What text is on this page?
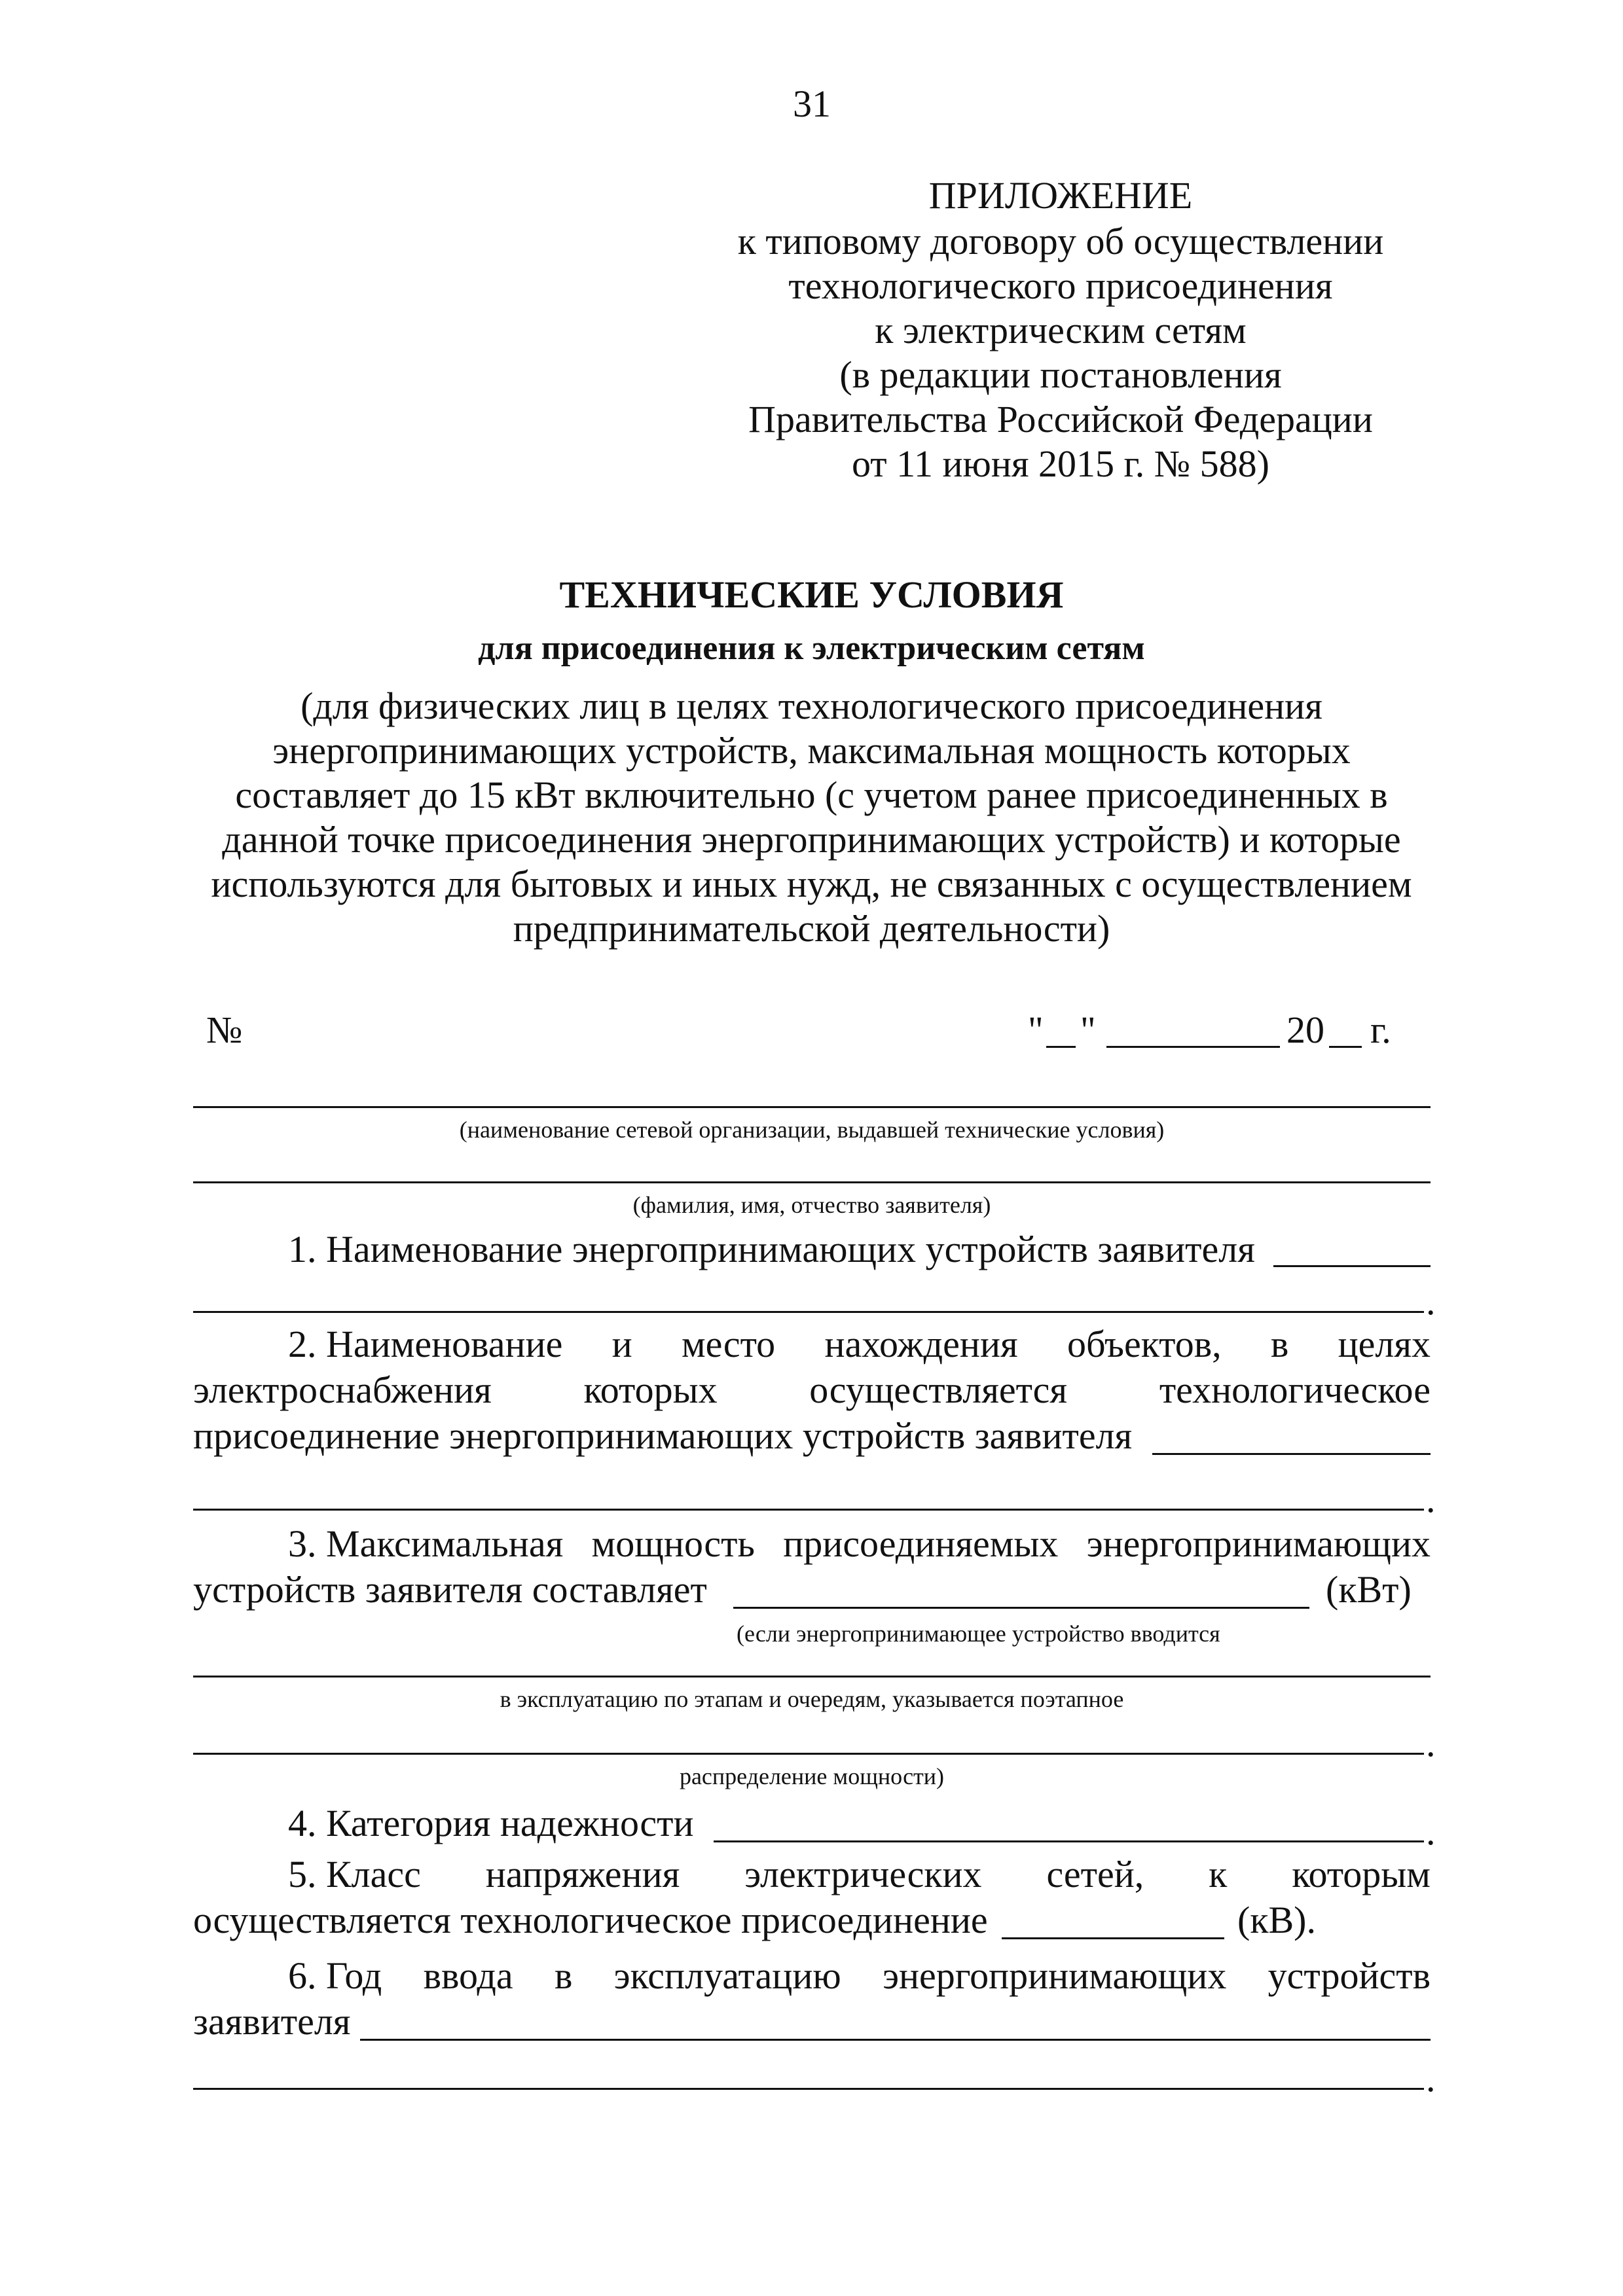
31
ПРИЛОЖЕНИЕ
к типовому договору об осуществлении
технологического присоединения
к электрическим сетям
(в редакции постановления
Правительства Российской Федерации
от 11 июня 2015 г. № 588)
ТЕХНИЧЕСКИЕ УСЛОВИЯ
для присоединения к электрическим сетям
(для физических лиц в целях технологического присоединения
энергопринимающих устройств, максимальная мощность которых
составляет до 15 кВт включительно (с учетом ранее присоединенных в
данной точке присоединения энергопринимающих устройств) и которые
используются для бытовых и иных нужд, не связанных с осуществлением
предпринимательской деятельности)
№	" "	20 г.
(наименование сетевой организации, выдавшей технические условия)
(фамилия, имя, отчество заявителя)
1. Наименование энергопринимающих устройств заявителя
.
2. Наименование и место нахождения объектов, в целях
электроснабжения которых осуществляется технологическое
присоединение энергопринимающих устройств заявителя
.
3. Максимальная мощность присоединяемых энергопринимающих
устройств заявителя составляет	(кВт)
(если энергопринимающее устройство вводится
в эксплуатацию по этапам и очередям, указывается поэтапное
.
распределение мощности)
4. Категория надежности	.
5. Класс напряжения электрических сетей, к которым
осуществляется технологическое присоединение	(кВ).
6. Год ввода в эксплуатацию энергопринимающих устройств
заявителя
.
